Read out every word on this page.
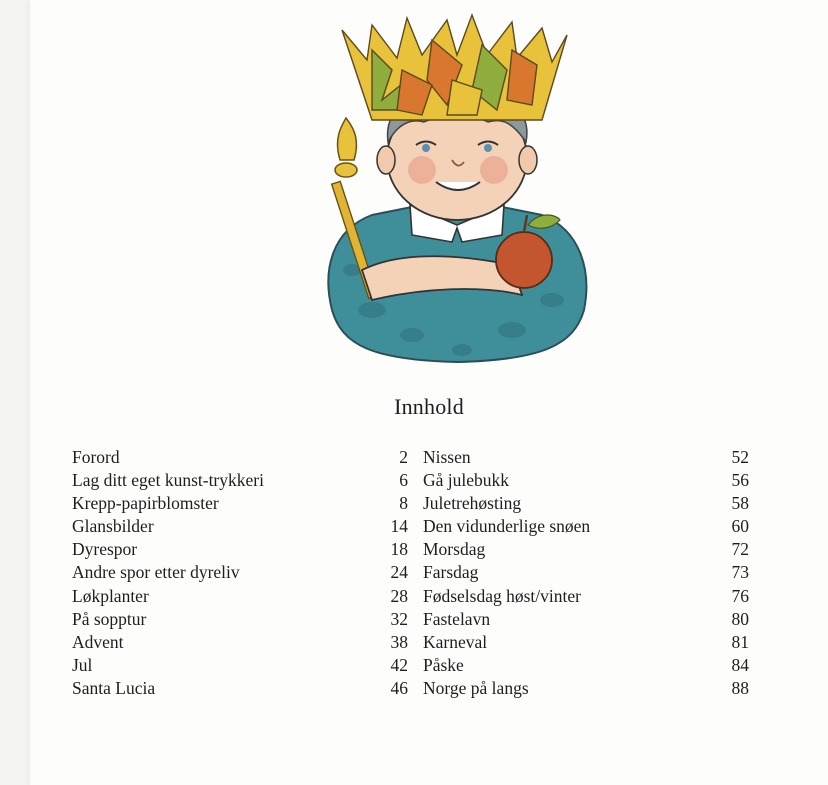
Innhold
Forord	2
Lag ditt eget kunst-trykkeri	6
Krepp-papirblomster	8
Glansbilder	14
Dyrespor	18
Andre spor etter dyreliv	24
Løkplanter	28
På sopptur	32
Advent	38
Jul	42
Santa Lucia	46
Nissen	52
Gå julebukk	56
Juletrehøsting	58
Den vidunderlige snøen	60
Morsdag	72
Farsdag	73
Fødselsdag høst/vinter	76
Fastelavn	80
Karneval	81
Påske	84
Norge på langs	88
